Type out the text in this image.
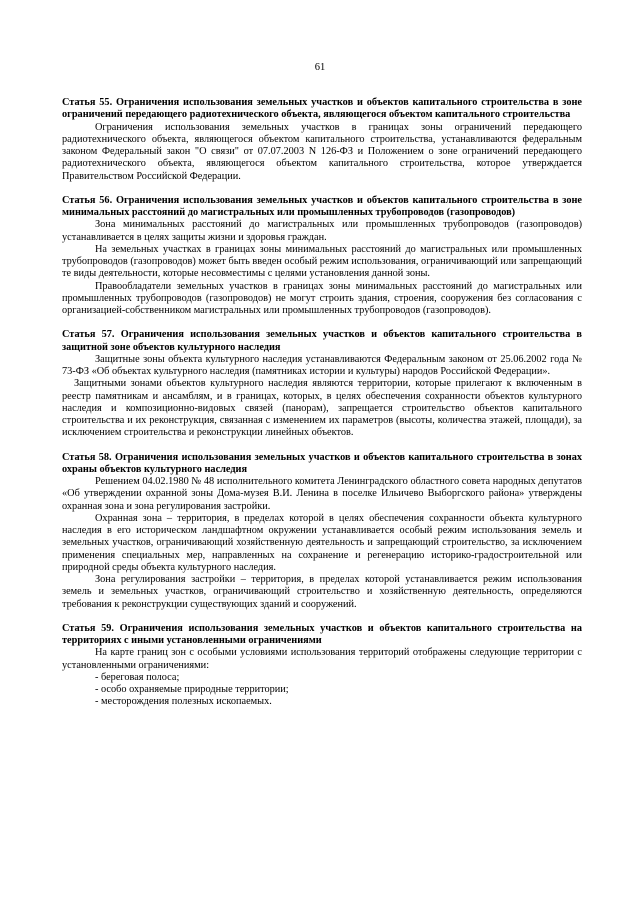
61

Статья 55. Ограничения использования земельных участков и объектов капитального строительства в зоне ограничений передающего радиотехнического объекта, являющегося объектом капитального строительства

Ограничения использования земельных участков в границах зоны ограничений передающего радиотехнического объекта, являющегося объектом капитального строительства, устанавливаются федеральным законом Федеральный закон "О связи" от 07.07.2003 N 126-ФЗ и Положением о зоне ограничений передающего радиотехнического объекта, являющегося объектом капитального строительства, которое утверждается Правительством Российской Федерации.

Статья 56. Ограничения использования земельных участков и объектов капитального строительства в зоне минимальных расстояний до магистральных или промышленных трубопроводов (газопроводов)

Зона минимальных расстояний до магистральных или промышленных трубопроводов (газопроводов) устанавливается в целях защиты жизни и здоровья граждан.

На земельных участках в границах зоны минимальных расстояний до магистральных или промышленных трубопроводов (газопроводов) может быть введен особый режим использования, ограничивающий или запрещающий те виды деятельности, которые несовместимы с целями установления данной зоны.

Правообладатели земельных участков в границах зоны минимальных расстояний до магистральных или промышленных трубопроводов (газопроводов) не могут строить здания, строения, сооружения без согласования с организацией-собственником магистральных или промышленных трубопроводов (газопроводов).

Статья 57. Ограничения использования земельных участков и объектов капитального строительства в защитной зоне объектов культурного наследия

Защитные зоны объекта культурного наследия устанавливаются Федеральным законом от 25.06.2002 года № 73-ФЗ «Об объектах культурного наследия (памятниках истории и культуры) народов Российской Федерации».

Защитными зонами объектов культурного наследия являются территории, которые прилегают к включенным в реестр памятникам и ансамблям, и в границах, которых, в целях обеспечения сохранности объектов культурного наследия и композиционно-видовых связей (панорам), запрещается строительство объектов капитального строительства и их реконструкция, связанная с изменением их параметров (высоты, количества этажей, площади), за исключением строительства и реконструкции линейных объектов.

Статья 58. Ограничения использования земельных участков и объектов капитального строительства в зонах охраны объектов культурного наследия

Решением 04.02.1980 № 48 исполнительного комитета Ленинградского областного совета народных депутатов «Об утверждении охранной зоны Дома-музея В.И. Ленина в поселке Ильичево Выборгского района» утверждены охранная зона и зона регулирования застройки.

Охранная зона – территория, в пределах которой в целях обеспечения сохранности объекта культурного наследия в его историческом ландшафтном окружении устанавливается особый режим использования земель и земельных участков, ограничивающий хозяйственную деятельность и запрещающий строительство, за исключением применения специальных мер, направленных на сохранение и регенерацию историко-градостроительной или природной среды объекта культурного наследия.

Зона регулирования застройки – территория, в пределах которой устанавливается режим использования земель и земельных участков, ограничивающий строительство и хозяйственную деятельность, определяются требования к реконструкции существующих зданий и сооружений.

Статья 59. Ограничения использования земельных участков и объектов капитального строительства на территориях с иными установленными ограничениями

На карте границ зон с особыми условиями использования территорий отображены следующие территории с установленными ограничениями:

- береговая полоса;

- особо охраняемые природные территории;

- месторождения полезных ископаемых.
